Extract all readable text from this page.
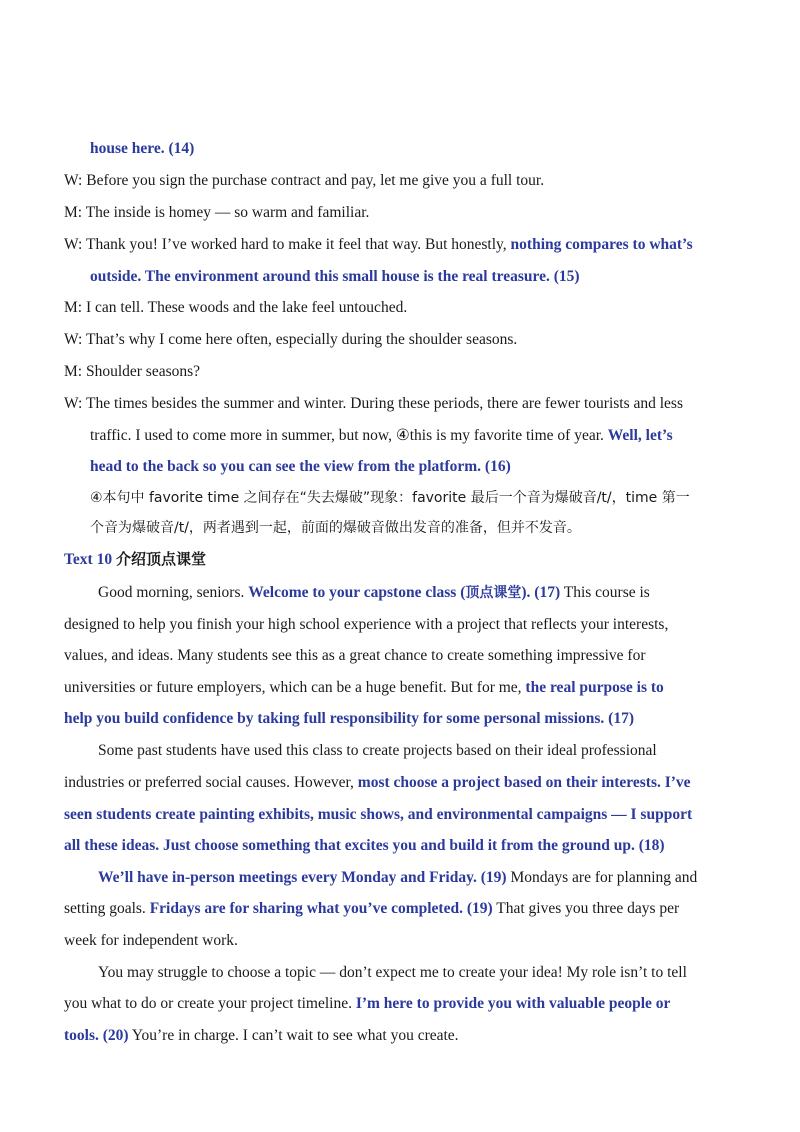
house here. (14)
W: Before you sign the purchase contract and pay, let me give you a full tour.
M: The inside is homey — so warm and familiar.
W: Thank you! I’ve worked hard to make it feel that way. But honestly, nothing compares to what’s
outside. The environment around this small house is the real treasure. (15)
M: I can tell. These woods and the lake feel untouched.
W: That’s why I come here often, especially during the shoulder seasons.
M: Shoulder seasons?
W: The times besides the summer and winter. During these periods, there are fewer tourists and less
traffic. I used to come more in summer, but now, ④this is my favorite time of year. Well, let’s
head to the back so you can see the view from the platform. (16)
④本句中 favorite time 之间存在“失去爆破”现象：favorite 最后一个音为爆破音/t/，time 第一
个音为爆破音/t/，两者遇到一起，前面的爆破音做出发音的准备，但并不发音。
Text 10 介绍顶点课堂
Good morning, seniors. Welcome to your capstone class (顶点课堂). (17) This course is
designed to help you finish your high school experience with a project that reflects your interests,
values, and ideas. Many students see this as a great chance to create something impressive for
universities or future employers, which can be a huge benefit. But for me, the real purpose is to
help you build confidence by taking full responsibility for some personal missions. (17)
Some past students have used this class to create projects based on their ideal professional
industries or preferred social causes. However, most choose a project based on their interests. I’ve
seen students create painting exhibits, music shows, and environmental campaigns — I support
all these ideas. Just choose something that excites you and build it from the ground up. (18)
We’ll have in-person meetings every Monday and Friday. (19) Mondays are for planning and
setting goals. Fridays are for sharing what you’ve completed. (19) That gives you three days per
week for independent work.
You may struggle to choose a topic — don’t expect me to create your idea! My role isn’t to tell
you what to do or create your project timeline. I’m here to provide you with valuable people or
tools. (20) You’re in charge. I can’t wait to see what you create.
